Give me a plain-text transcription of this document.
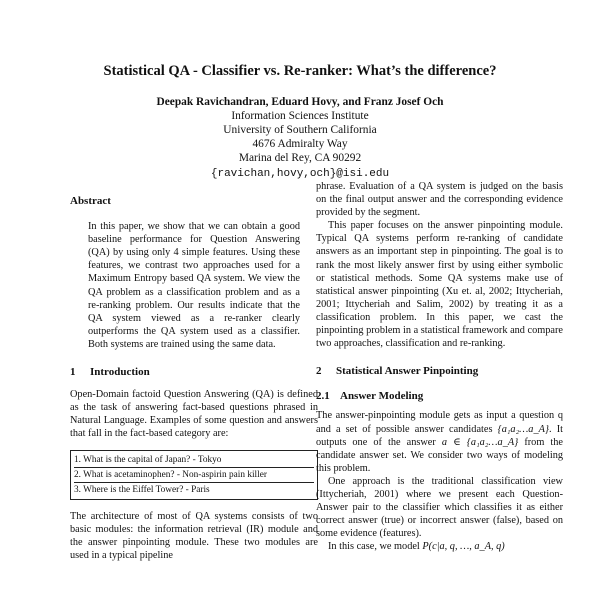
Statistical QA - Classifier vs. Re-ranker: What’s the difference?
Deepak Ravichandran, Eduard Hovy, and Franz Josef Och
Information Sciences Institute
University of Southern California
4676 Admiralty Way
Marina del Rey, CA 90292
{ravichan,hovy,och}@isi.edu
Abstract

In this paper, we show that we can obtain a good baseline performance for Question Answering (QA) by using only 4 simple features. Using these features, we contrast two approaches used for a Maximum Entropy based QA system. We view the QA problem as a classification problem and as a re-ranking problem. Our results indicate that the QA system viewed as a re-ranker clearly outperforms the QA system used as a classifier. Both systems are trained using the same data.

1 Introduction

Open-Domain factoid Question Answering (QA) is defined as the task of answering fact-based questions phrased in Natural Language. Examples of some question and answers that fall in the fact-based category are:

1. What is the capital of Japan? - Tokyo
2. What is acetaminophen? - Non-aspirin pain killer
3. Where is the Eiffel Tower? - Paris

The architecture of most of QA systems consists of two basic modules: the information retrieval (IR) module and the answer pinpointing module. These two modules are used in a typical pipeline

phrase. Evaluation of a QA system is judged on the basis on the final output answer and the corresponding evidence provided by the segment.

This paper focuses on the answer pinpointing module. Typical QA systems perform re-ranking of candidate answers as an important step in pinpointing. The goal is to rank the most likely answer first by using either symbolic or statistical methods. Some QA systems make use of statistical answer pinpointing (Xu et. al, 2002; Ittycheriah, 2001; Ittycheriah and Salim, 2002) by treating it as a classification problem. In this paper, we cast the pinpointing problem in a statistical framework and compare two approaches, classification and re-ranking.

2 Statistical Answer Pinpointing
2.1 Answer Modeling

The answer-pinpointing module gets as input a question q and a set of possible answer candidates {a₁a₂…a_A}. It outputs one of the answer a ∈ {a₁a₂…a_A} from the candidate answer set. We consider two ways of modeling this problem.

One approach is the traditional classification view (Ittycheriah, 2001) where we present each Question-Answer pair to the classifier which classifies it as either correct answer (true) or incorrect answer (false), based on some evidence (features).

In this case, we model P(c|a, q, …, a_A, q)
